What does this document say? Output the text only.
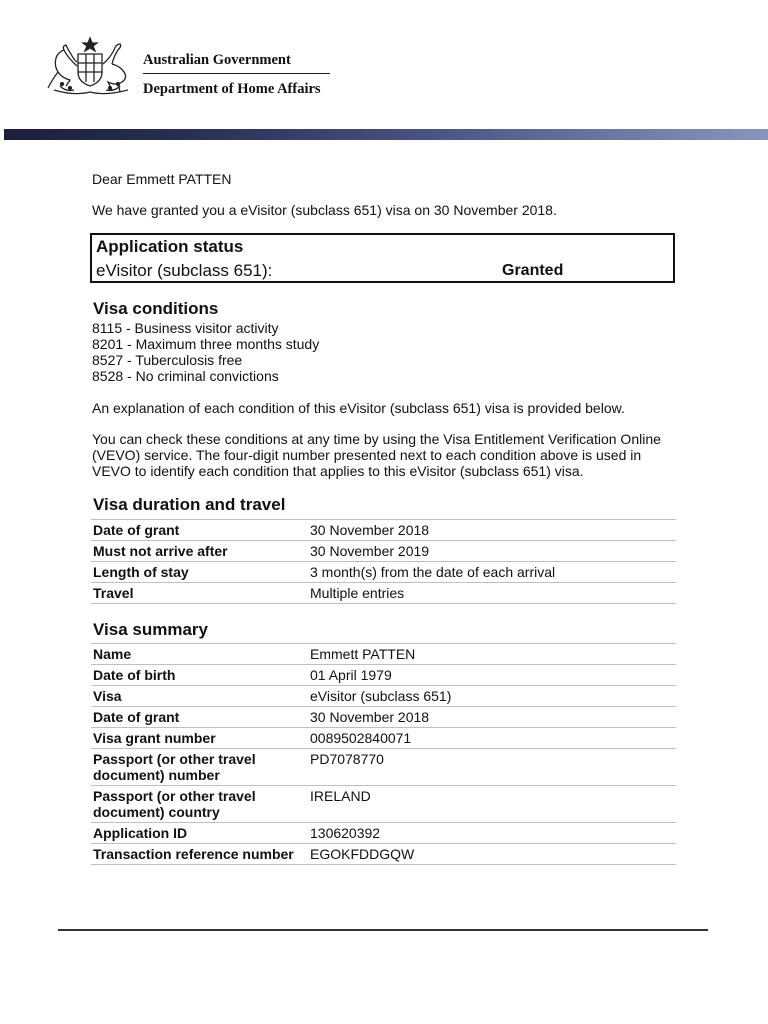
Australian Government
Department of Home Affairs
Dear Emmett PATTEN
We have granted you a eVisitor (subclass 651) visa on 30 November 2018.
Application status
eVisitor (subclass 651):	Granted
Visa conditions
8115 - Business visitor activity
8201 - Maximum three months study
8527 - Tuberculosis free
8528 - No criminal convictions
An explanation of each condition of this eVisitor (subclass 651) visa is provided below.
You can check these conditions at any time by using the Visa Entitlement Verification Online (VEVO) service. The four-digit number presented next to each condition above is used in VEVO to identify each condition that applies to this eVisitor (subclass 651) visa.
Visa duration and travel
Date of grant	30 November 2018

Must not arrive after	30 November 2019

Length of stay	3 month(s) from the date of each arrival

Travel	Multiple entries
Visa summary
Name	Emmett PATTEN

Date of birth	01 April 1979

Visa	eVisitor (subclass 651)

Date of grant	30 November 2018

Visa grant number	0089502840071

Passport (or other travel document) number	PD7078770

Passport (or other travel document) country	IRELAND

Application ID	130620392

Transaction reference number	EGOKFDDGQW
